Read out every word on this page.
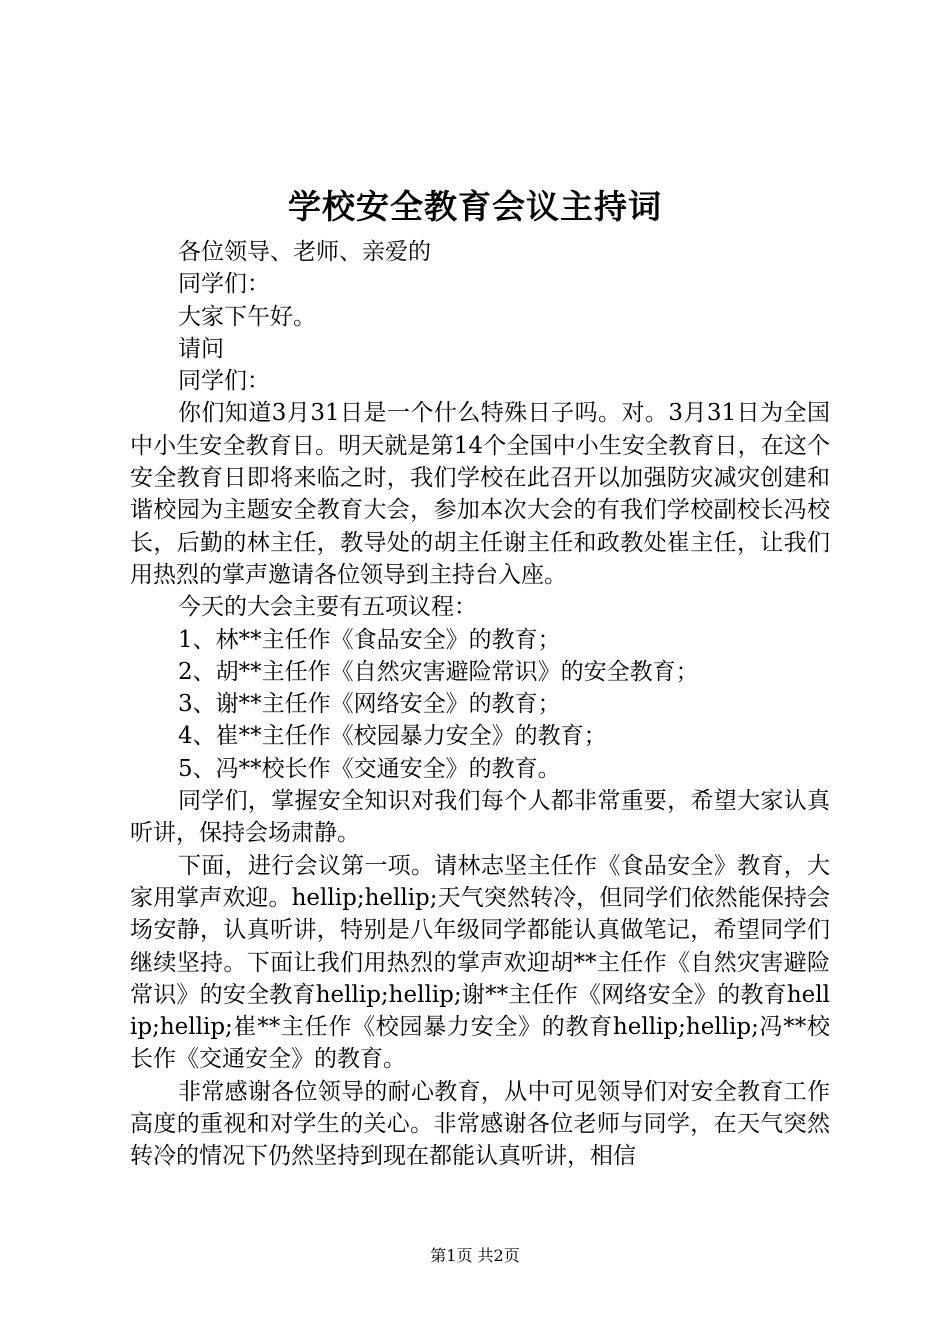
学校安全教育会议主持词

各位领导、老师、亲爱的

同学们：

大家下午好。

请问

同学们：

你们知道3月31日是一个什么特殊日子吗。对。3月31日为全国中小生安全教育日。明天就是第14个全国中小生安全教育日，在这个安全教育日即将来临之时，我们学校在此召开以加强防灾减灾创建和谐校园为主题安全教育大会，参加本次大会的有我们学校副校长冯校长，后勤的林主任，教导处的胡主任谢主任和政教处崔主任，让我们用热烈的掌声邀请各位领导到主持台入座。

今天的大会主要有五项议程：

1、林**主任作《食品安全》的教育；

2、胡**主任作《自然灾害避险常识》的安全教育；

3、谢**主任作《网络安全》的教育；

4、崔**主任作《校园暴力安全》的教育；

5、冯**校长作《交通安全》的教育。

同学们，掌握安全知识对我们每个人都非常重要，希望大家认真听讲，保持会场肃静。

下面，进行会议第一项。请林志坚主任作《食品安全》教育，大家用掌声欢迎。hellip;hellip;天气突然转冷，但同学们依然能保持会场安静，认真听讲，特别是八年级同学都能认真做笔记，希望同学们继续坚持。下面让我们用热烈的掌声欢迎胡**主任作《自然灾害避险常识》的安全教育hellip;hellip;谢**主任作《网络安全》的教育hellip;hellip;崔**主任作《校园暴力安全》的教育hellip;hellip;冯**校长作《交通安全》的教育。

非常感谢各位领导的耐心教育，从中可见领导们对安全教育工作高度的重视和对学生的关心。非常感谢各位老师与同学，在天气突然转冷的情况下仍然坚持到现在都能认真听讲，相信

第1页 共2页
